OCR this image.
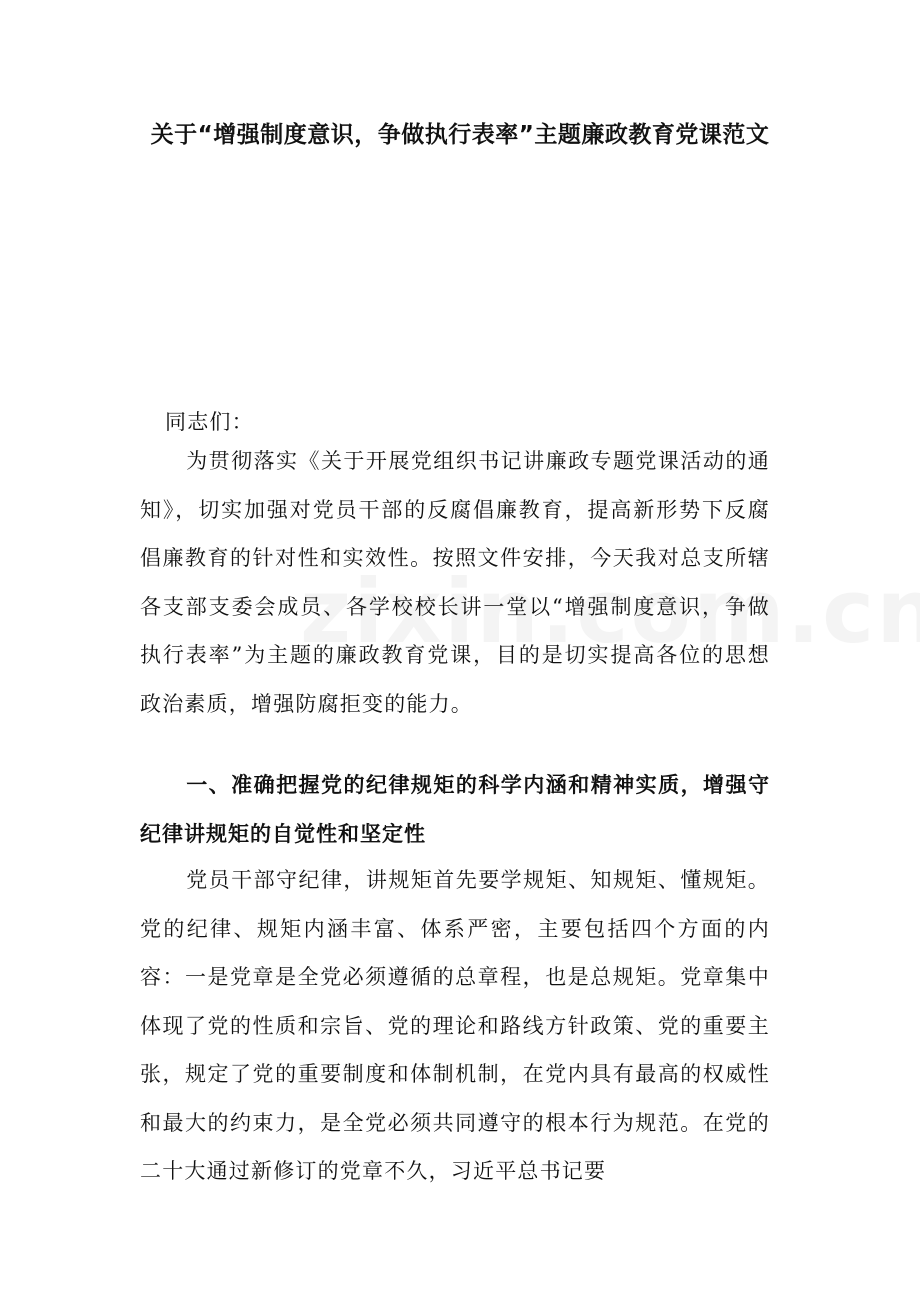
关于“增强制度意识，争做执行表率”主题廉政教育党课范文
同志们：

为贯彻落实《关于开展党组织书记讲廉政专题党课活动的通知》，切实加强对党员干部的反腐倡廉教育，提高新形势下反腐倡廉教育的针对性和实效性。按照文件安排，今天我对总支所辖各支部支委会成员、各学校校长讲一堂以“增强制度意识，争做执行表率”为主题的廉政教育党课，目的是切实提高各位的思想政治素质，增强防腐拒变的能力。

一、准确把握党的纪律规矩的科学内涵和精神实质，增强守纪律讲规矩的自觉性和坚定性

党员干部守纪律，讲规矩首先要学规矩、知规矩、懂规矩。党的纪律、规矩内涵丰富、体系严密，主要包括四个方面的内容：一是党章是全党必须遵循的总章程，也是总规矩。党章集中体现了党的性质和宗旨、党的理论和路线方针政策、党的重要主张，规定了党的重要制度和体制机制，在党内具有最高的权威性和最大的约束力，是全党必须共同遵守的根本行为规范。在党的二十大通过新修订的党章不久，习近平总书记要
